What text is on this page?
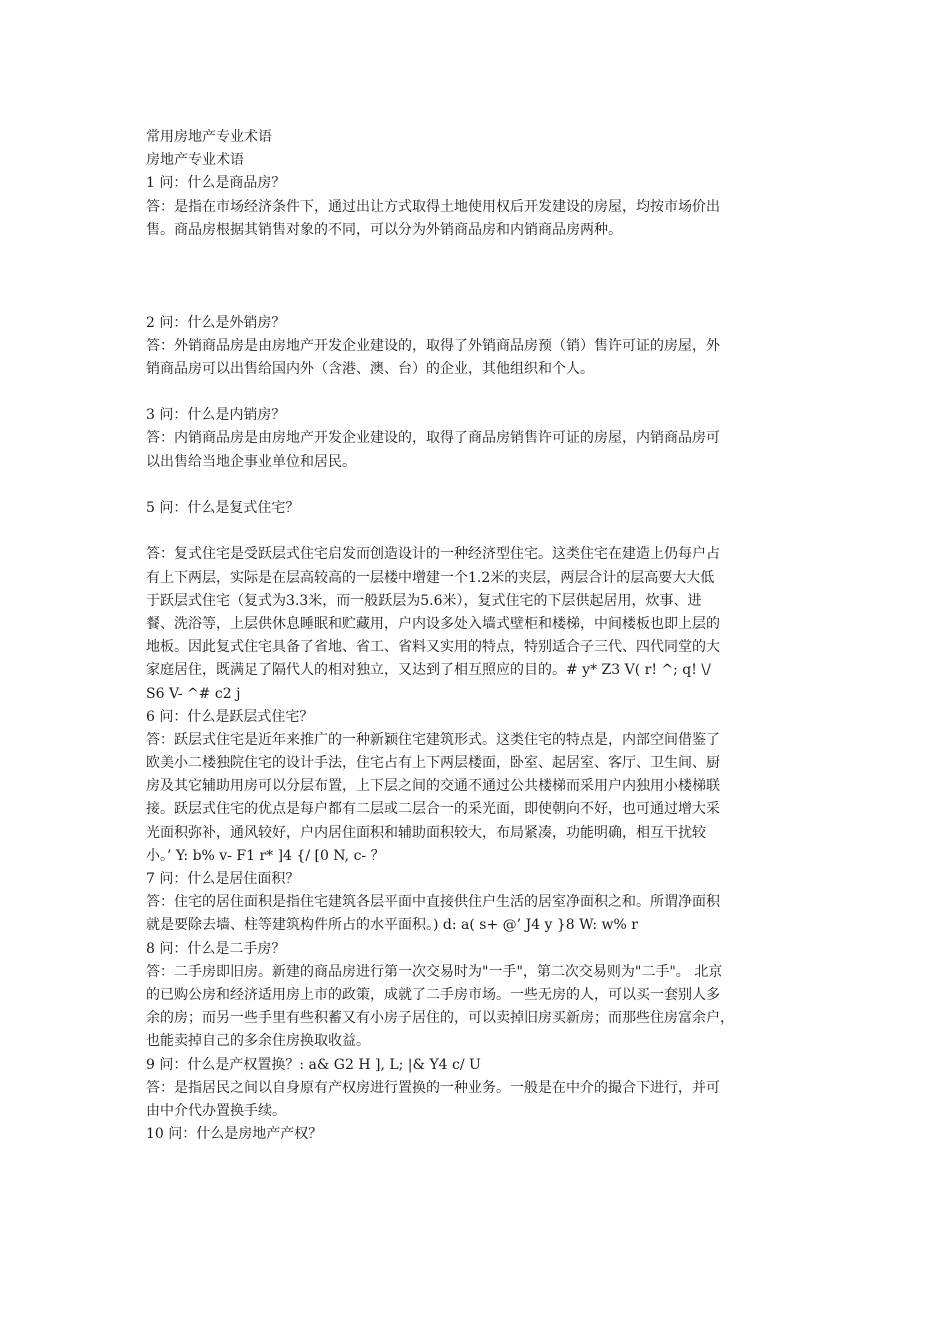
常用房地产专业术语
房地产专业术语
1 问：什么是商品房？
答：是指在市场经济条件下，通过出让方式取得土地使用权后开发建设的房屋，均按市场价出
售。商品房根据其销售对象的不同，可以分为外销商品房和内销商品房两种。
2 问：什么是外销房？
答：外销商品房是由房地产开发企业建设的，取得了外销商品房预（销）售许可证的房屋，外
销商品房可以出售给国内外（含港、澳、台）的企业，其他组织和个人。
3 问：什么是内销房？
答：内销商品房是由房地产开发企业建设的，取得了商品房销售许可证的房屋，内销商品房可
以出售给当地企事业单位和居民。
5 问：什么是复式住宅？
答：复式住宅是受跃层式住宅启发而创造设计的一种经济型住宅。这类住宅在建造上仍每户占
有上下两层，实际是在层高较高的一层楼中增建一个1.2米的夹层，两层合计的层高要大大低
于跃层式住宅（复式为3.3米，而一般跃层为5.6米），复式住宅的下层供起居用，炊事、进
餐、洗浴等，上层供休息睡眠和贮藏用，户内设多处入墙式壁柜和楼梯，中间楼板也即上层的
地板。因此复式住宅具备了省地、省工、省料又实用的特点，特别适合子三代、四代同堂的大
家庭居住，既满足了隔代人的相对独立，又达到了相互照应的目的。# y* Z3 V( r! ^; q! \/
S6 V- ^# c2 j
6 问：什么是跃层式住宅？
答：跃层式住宅是近年来推广的一种新颖住宅建筑形式。这类住宅的特点是，内部空间借鉴了
欧美小二楼独院住宅的设计手法，住宅占有上下两层楼面，卧室、起居室、客厅、卫生间、厨
房及其它辅助用房可以分层布置，上下层之间的交通不通过公共楼梯而采用户内独用小楼梯联
接。跃层式住宅的优点是每户都有二层或二层合一的采光面，即使朝向不好，也可通过增大采
光面积弥补，通风较好，户内居住面积和辅助面积较大，布局紧凑，功能明确，相互干扰较
小。’ Y: b% v- F1 r* ]4 {/ [0 N, c- ？
7 问：什么是居住面积？
答：住宅的居住面积是指住宅建筑各层平面中直接供住户生活的居室净面积之和。所谓净面积
就是要除去墙、柱等建筑构件所占的水平面积。) d: a( s+ @’ J4 y }8 W: w% r
8 问：什么是二手房？
答：二手房即旧房。新建的商品房进行第一次交易时为"一手"，第二次交易则为"二手"。 北京
的已购公房和经济适用房上市的政策，成就了二手房市场。一些无房的人，可以买一套别人多
余的房；而另一些手里有些积蓄又有小房子居住的，可以卖掉旧房买新房；而那些住房富余户，
也能卖掉自己的多余住房换取收益。
9 问：什么是产权置换？: a& G2 H ], L; |& Y4 c/ U
答：是指居民之间以自身原有产权房进行置换的一种业务。一般是在中介的撮合下进行，并可
由中介代办置换手续。
10 问：什么是房地产产权？
